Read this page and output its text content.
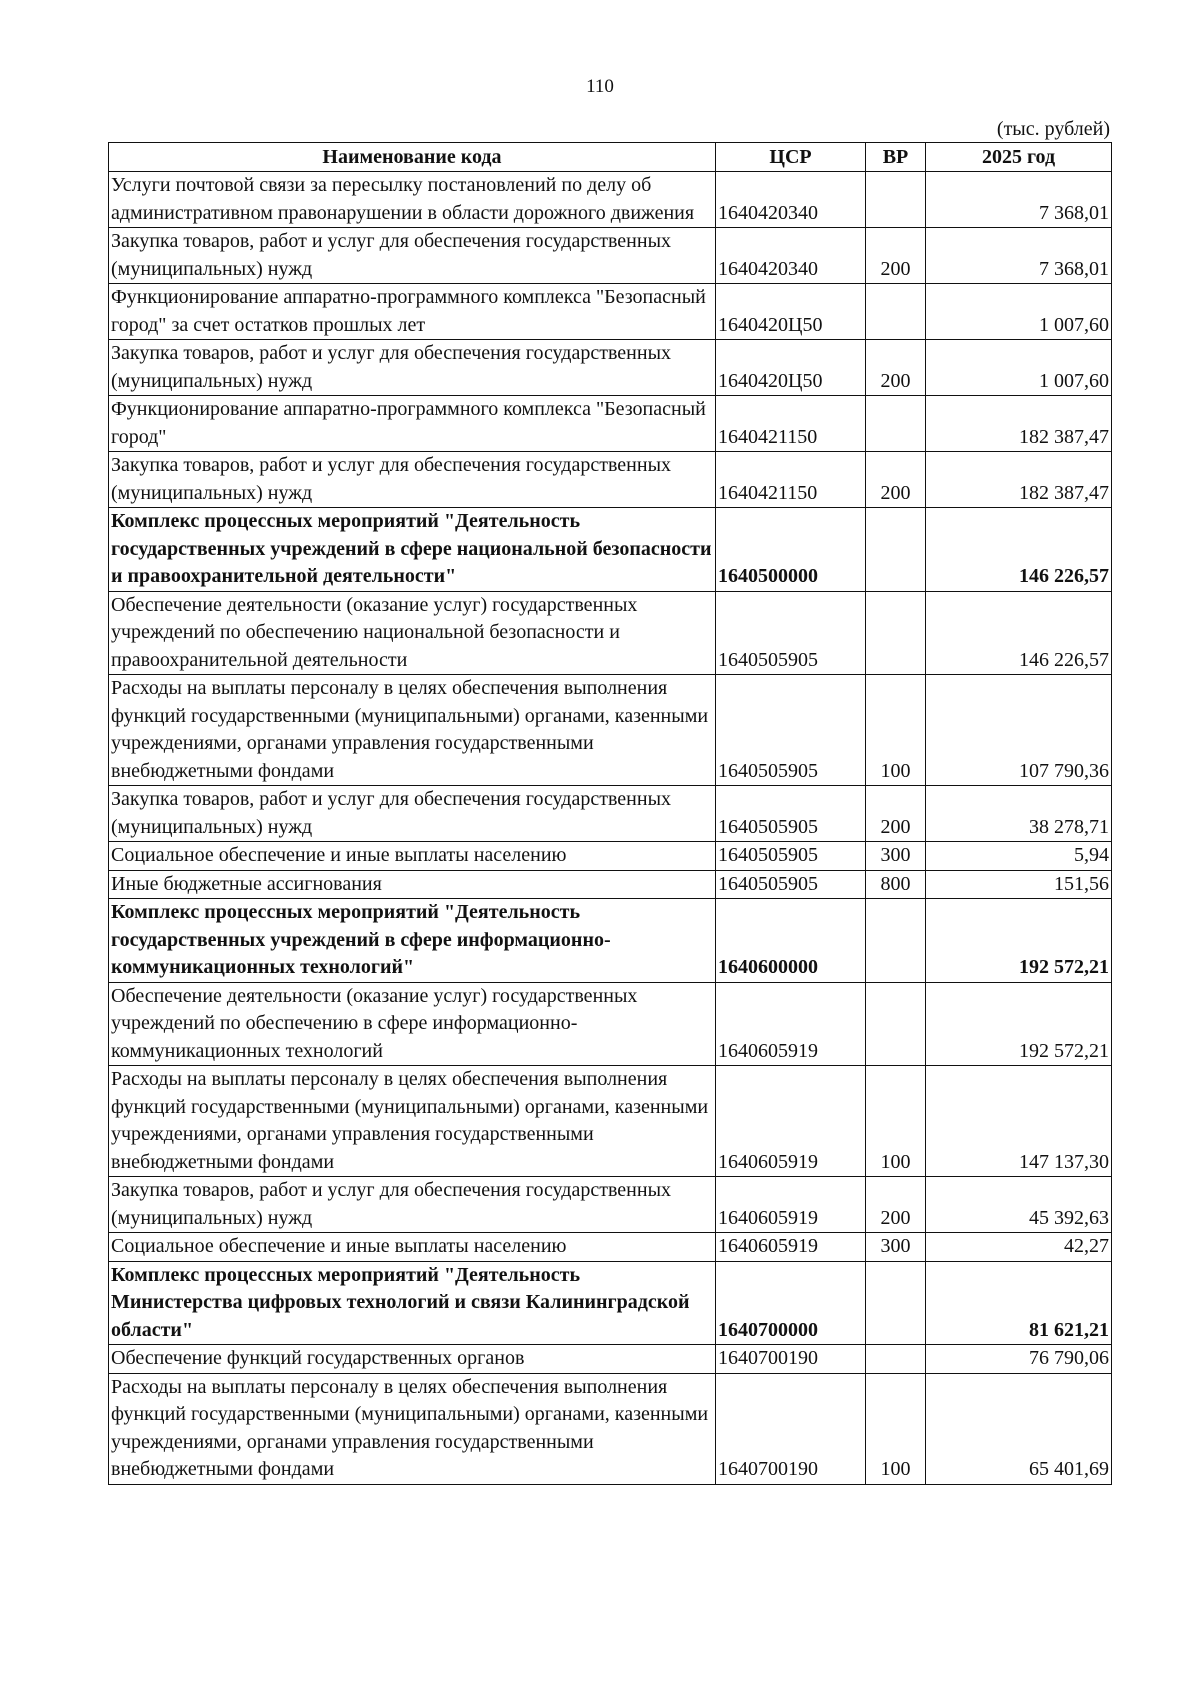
110
(тыс. рублей)
Наименование кода	ЦСР	ВР	2025 год
Услуги почтовой связи за пересылку постановлений по делу об административном правонарушении в области дорожного движения	1640420340		7 368,01
Закупка товаров, работ и услуг для обеспечения государственных (муниципальных) нужд	1640420340	200	7 368,01
Функционирование аппаратно-программного комплекса "Безопасный город" за счет остатков прошлых лет	1640420Ц50		1 007,60
Закупка товаров, работ и услуг для обеспечения государственных (муниципальных) нужд	1640420Ц50	200	1 007,60
Функционирование аппаратно-программного комплекса "Безопасный город"	1640421150		182 387,47
Закупка товаров, работ и услуг для обеспечения государственных (муниципальных) нужд	1640421150	200	182 387,47
Комплекс процессных мероприятий "Деятельность государственных учреждений в сфере национальной безопасности и правоохранительной деятельности"	1640500000		146 226,57
Обеспечение деятельности (оказание услуг) государственных учреждений по обеспечению национальной безопасности и правоохранительной деятельности	1640505905		146 226,57
Расходы на выплаты персоналу в целях обеспечения выполнения функций государственными (муниципальными) органами, казенными учреждениями, органами управления государственными внебюджетными фондами	1640505905	100	107 790,36
Закупка товаров, работ и услуг для обеспечения государственных (муниципальных) нужд	1640505905	200	38 278,71
Социальное обеспечение и иные выплаты населению	1640505905	300	5,94
Иные бюджетные ассигнования	1640505905	800	151,56
Комплекс процессных мероприятий "Деятельность государственных учреждений в сфере информационно-коммуникационных технологий"	1640600000		192 572,21
Обеспечение деятельности (оказание услуг) государственных учреждений по обеспечению в сфере информационно-коммуникационных технологий	1640605919		192 572,21
Расходы на выплаты персоналу в целях обеспечения выполнения функций государственными (муниципальными) органами, казенными учреждениями, органами управления государственными внебюджетными фондами	1640605919	100	147 137,30
Закупка товаров, работ и услуг для обеспечения государственных (муниципальных) нужд	1640605919	200	45 392,63
Социальное обеспечение и иные выплаты населению	1640605919	300	42,27
Комплекс процессных мероприятий "Деятельность Министерства цифровых технологий и связи Калининградской области"	1640700000		81 621,21
Обеспечение функций государственных органов	1640700190		76 790,06
Расходы на выплаты персоналу в целях обеспечения выполнения функций государственными (муниципальными) органами, казенными учреждениями, органами управления государственными внебюджетными фондами	1640700190	100	65 401,69
